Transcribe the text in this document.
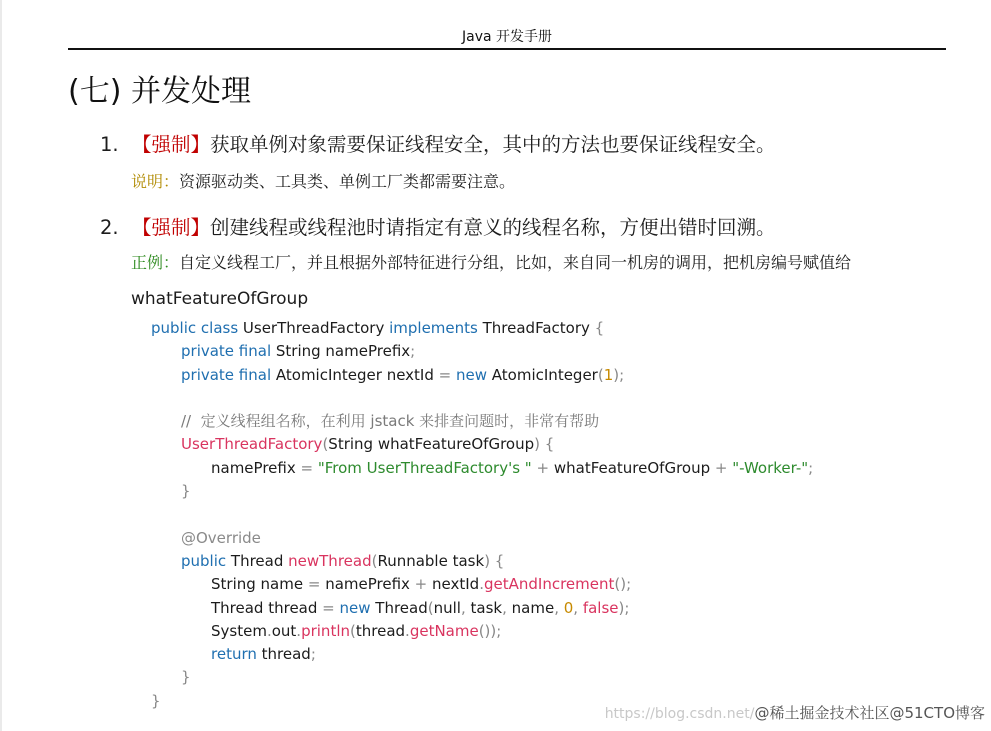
Java 开发手册
(七) 并发处理
1. 【强制】获取单例对象需要保证线程安全，其中的方法也要保证线程安全。
说明：资源驱动类、工具类、单例工厂类都需要注意。
2. 【强制】创建线程或线程池时请指定有意义的线程名称，方便出错时回溯。
正例：自定义线程工厂，并且根据外部特征进行分组，比如，来自同一机房的调用，把机房编号赋值给
whatFeatureOfGroup
public class UserThreadFactory implements ThreadFactory {
private final String namePrefix;
private final AtomicInteger nextId = new AtomicInteger(1);

//  定义线程组名称，在利用 jstack 来排查问题时，非常有帮助
UserThreadFactory(String whatFeatureOfGroup) {
namePrefix = "From UserThreadFactory's " + whatFeatureOfGroup + "-Worker-";
}

@Override
public Thread newThread(Runnable task) {
String name = namePrefix + nextId.getAndIncrement();
Thread thread = new Thread(null, task, name, 0, false);
System.out.println(thread.getName());
return thread;
}
}
https://blog.csdn.net/@稀土掘金技术社区@51CTO博客
